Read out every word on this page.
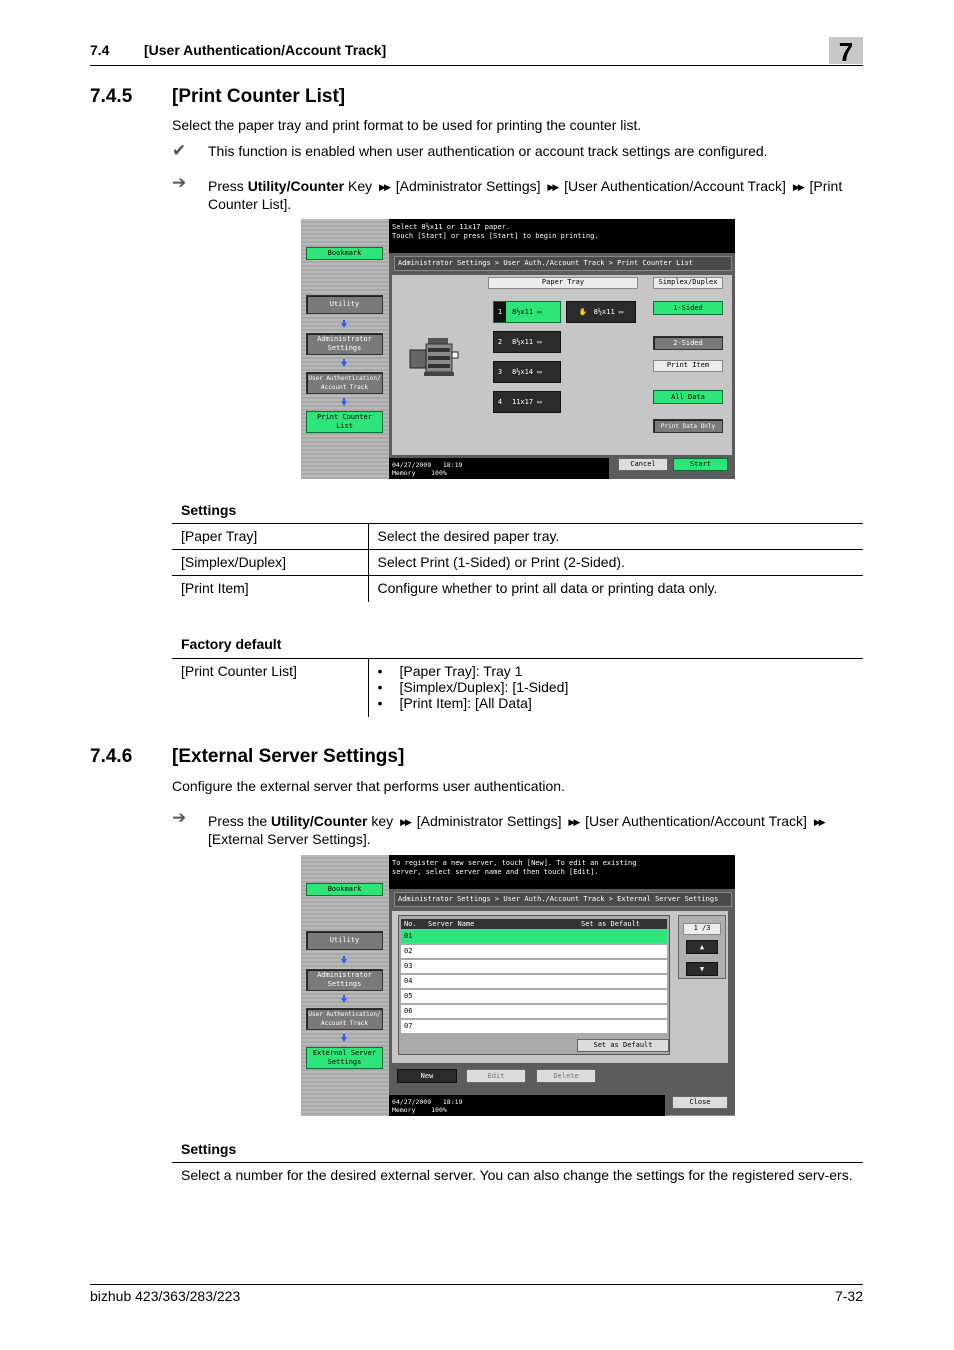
7.4 [User Authentication/Account Track]	7
7.4.5 [Print Counter List]
Select the paper tray and print format to be used for printing the counter list.
✔ This function is enabled when user authentication or account track settings are configured.
➔ Press Utility/Counter Key ▶▶ [Administrator Settings] ▶▶ [User Authentication/Account Track] ▶▶ [Print Counter List].
Bookmark
Utility
Administrator Settings
User Authentication/ Account Track
Print Counter List
Select 8½x11 or 11x17 paper.
Touch [Start] or press [Start] to begin printing.
Administrator Settings > User Auth./Account Track > Print Counter List
Paper Tray
1	8½x11 ▭	✋ 8½x11 ▭
2	8½x11 ▭
3	8½x14 ▭
4	11x17 ▭
Simplex/Duplex
1-Sided
2-Sided
Print Item
All Data
Print Data Only
04/27/2009 18:19
Memory 100%
Cancel	Start
Settings
[Paper Tray]	Select the desired paper tray.
[Simplex/Duplex]	Select Print (1-Sided) or Print (2-Sided).
[Print Item]	Configure whether to print all data or printing data only.
Factory default
[Print Counter List]	•	[Paper Tray]: Tray 1
•	[Simplex/Duplex]: [1-Sided]
•	[Print Item]: [All Data]
7.4.6 [External Server Settings]
Configure the external server that performs user authentication.
➔ Press the Utility/Counter key ▶▶ [Administrator Settings] ▶▶ [User Authentication/Account Track] ▶▶ [External Server Settings].
Bookmark
Utility
Administrator Settings
User Authentication/ Account Track
External Server Settings
To register a new server, touch [New]. To edit an existing
server, select server name and then touch [Edit].
Administrator Settings > User Auth./Account Track > External Server Settings
No. Server Name	Set as Default
01
02
03
04
05
06
07
Set as Default
1 /3
▲
▼
New	Edit	Delete
04/27/2009 18:19
Memory 100%
Close
Settings
Select a number for the desired external server. You can also change the settings for the registered serv-ers.
bizhub 423/363/283/223	7-32
